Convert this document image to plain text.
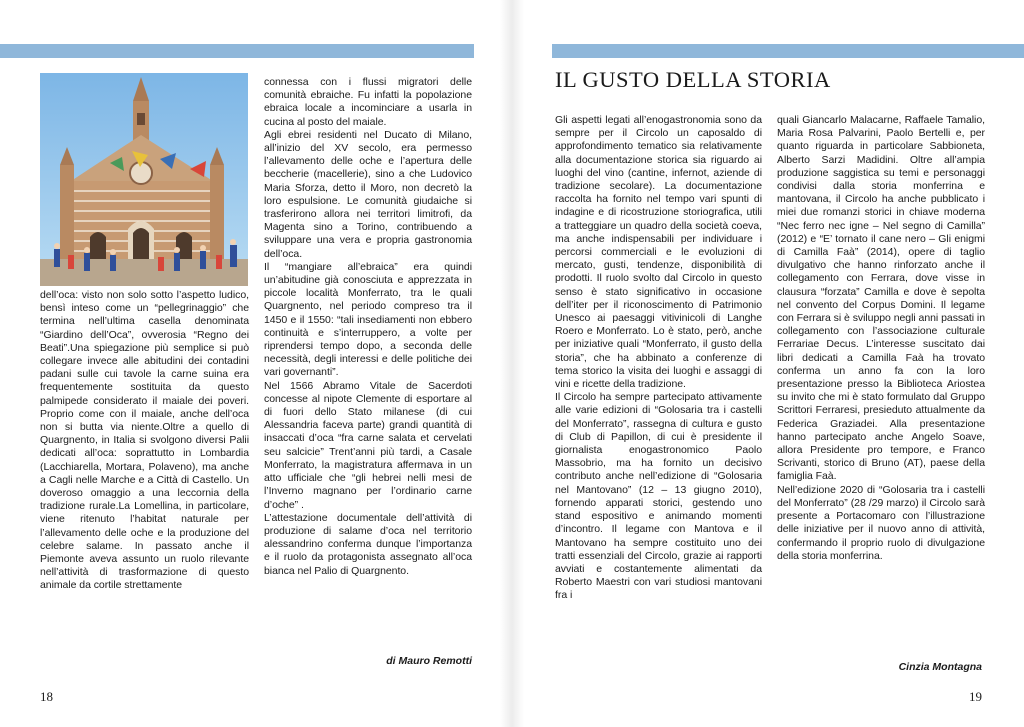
dell’oca: visto non solo sotto l’aspetto ludico, bensì inteso come un “pellegrinaggio” che termina nell’ultima casella denominata “Giardino dell’Oca”, ovverosia “Regno dei Beati”.Una spiegazione più semplice si può collegare invece alle abitudini dei contadini padani sulle cui tavole la carne suina era frequentemente sostituita da questo palmipede considerato il maiale dei poveri. Proprio come con il maiale, anche dell’oca non si butta via niente.Oltre a quello di Quargnento, in Italia si svolgono diversi Palii dedicati all’oca: soprattutto in Lombardia (Lacchiarella, Mortara, Polaveno), ma anche a Cagli nelle Marche e a Città di Castello. Un doveroso omaggio a una leccornia della tradizione rurale.La Lomellina, in particolare, viene ritenuto l’habitat naturale per l’allevamento delle oche e la produzione del celebre salame. In passato anche il Piemonte aveva assunto un ruolo rilevante nell’attività di trasformazione di questo animale da cortile strettamente

connessa con i flussi migratori delle comunità ebraiche. Fu infatti la popolazione ebraica locale a incominciare a usarla in cucina al posto del maiale.

Agli ebrei residenti nel Ducato di Milano, all’inizio del XV secolo, era permesso l’allevamento delle oche e l’apertura delle beccherie (macellerie), sino a che Ludovico Maria Sforza, detto il Moro, non decretò la loro espulsione. Le comunità giudaiche si trasferirono allora nei territori limitrofi, da Magenta sino a Torino, contribuendo a sviluppare una vera e propria gastronomia dell’oca.

Il “mangiare all’ebraica” era quindi un’abitudine già conosciuta e apprezzata in piccole località Monferrato, tra le quali Quargnento, nel periodo compreso tra il 1450 e il 1550: “tali insediamenti non ebbero continuità e s’interruppero, a volte per riprendersi tempo dopo, a seconda delle necessità, degli interessi e delle politiche dei vari governanti”.

Nel 1566 Abramo Vitale de Sacerdoti concesse al nipote Clemente di esportare al di fuori dello Stato milanese (di cui Alessandria faceva parte) grandi quantità di insaccati d’oca “fra carne salata et cervelati seu salcicie” Trent’anni più tardi, a Casale Monferrato, la magistratura affermava in un atto ufficiale che “gli hebrei nelli mesi de l’Inverno magnano per l’ordinario carne d’oche” .

L’attestazione documentale dell’attività di produzione di salame d’oca nel territorio alessandrino conferma dunque l’importanza e il ruolo da protagonista assegnato all’oca bianca nel Palio di Quargnento.

di Mauro Remotti

18

IL GUSTO DELLA STORIA

Gli aspetti legati all’enogastronomia sono da sempre per il Circolo un caposaldo di approfondimento tematico sia relativamente alla documentazione storica sia riguardo ai luoghi del vino (cantine, infernot, aziende di tradizione secolare). La documentazione raccolta ha fornito nel tempo vari spunti di indagine e di ricostruzione storiografica, utili a tratteggiare un quadro della società coeva, ma anche indispensabili per individuare i percorsi commerciali e le evoluzioni di mercato, gusti, tendenze, disponibilità di prodotti. Il ruolo svolto dal Circolo in questo senso è stato significativo in occasione dell’iter per il riconoscimento di Patrimonio Unesco ai paesaggi vitivinicoli di Langhe Roero e Monferrato. Lo è stato, però, anche per iniziative quali “Monferrato, il gusto della storia”, che ha abbinato a conferenze di tema storico la visita dei luoghi e assaggi di vini e ricette della tradizione.

Il Circolo ha sempre partecipato attivamente alle varie edizioni di “Golosaria tra i castelli del Monferrato”, rassegna di cultura e gusto di Club di Papillon, di cui è presidente il giornalista enogastronomico Paolo Massobrio, ma ha fornito un decisivo contributo anche nell’edizione di “Golosaria nel Mantovano” (12 – 13 giugno 2010), fornendo apparati storici, gestendo uno stand espositivo e animando momenti d’incontro. Il legame con Mantova e il Mantovano ha sempre costituito uno dei tratti essenziali del Circolo, grazie ai rapporti avviati e costantemente alimentati da Roberto Maestri con vari studiosi mantovani fra i

quali Giancarlo Malacarne, Raffaele Tamalio, Maria Rosa Palvarini, Paolo Bertelli e, per quanto riguarda in particolare Sabbioneta, Alberto Sarzi Madidini. Oltre all’ampia produzione saggistica su temi e personaggi condivisi dalla storia monferrina e mantovana, il Circolo ha anche pubblicato i miei due romanzi storici in chiave moderna “Nec ferro nec igne – Nel segno di Camilla” (2012) e “E’ tornato il cane nero – Gli enigmi di Camilla Faà” (2014), opere di taglio divulgativo che hanno rinforzato anche il collegamento con Ferrara, dove visse in clausura “forzata” Camilla e dove è sepolta nel convento del Corpus Domini. Il legame con Ferrara si è sviluppo negli anni passati in collegamento con l’associazione culturale Ferrariae Decus. L’interesse suscitato dai libri dedicati a Camilla Faà ha trovato conferma un anno fa con la loro presentazione presso la Biblioteca Ariostea su invito che mi è stato formulato dal Gruppo Scrittori Ferraresi, presieduto attualmente da Federica Graziadei. Alla presentazione hanno partecipato anche Angelo Soave, allora Presidente pro tempore, e Franco Scrivanti, storico di Bruno (AT), paese della famiglia Faà.

Nell’edizione 2020 di “Golosaria tra i castelli del Monferrato” (28 /29 marzo) il Circolo sarà presente a Portacomaro con l’illustrazione delle iniziative per il nuovo anno di attività, confermando il proprio ruolo di divulgazione della storia monferrina.

Cinzia Montagna

19
